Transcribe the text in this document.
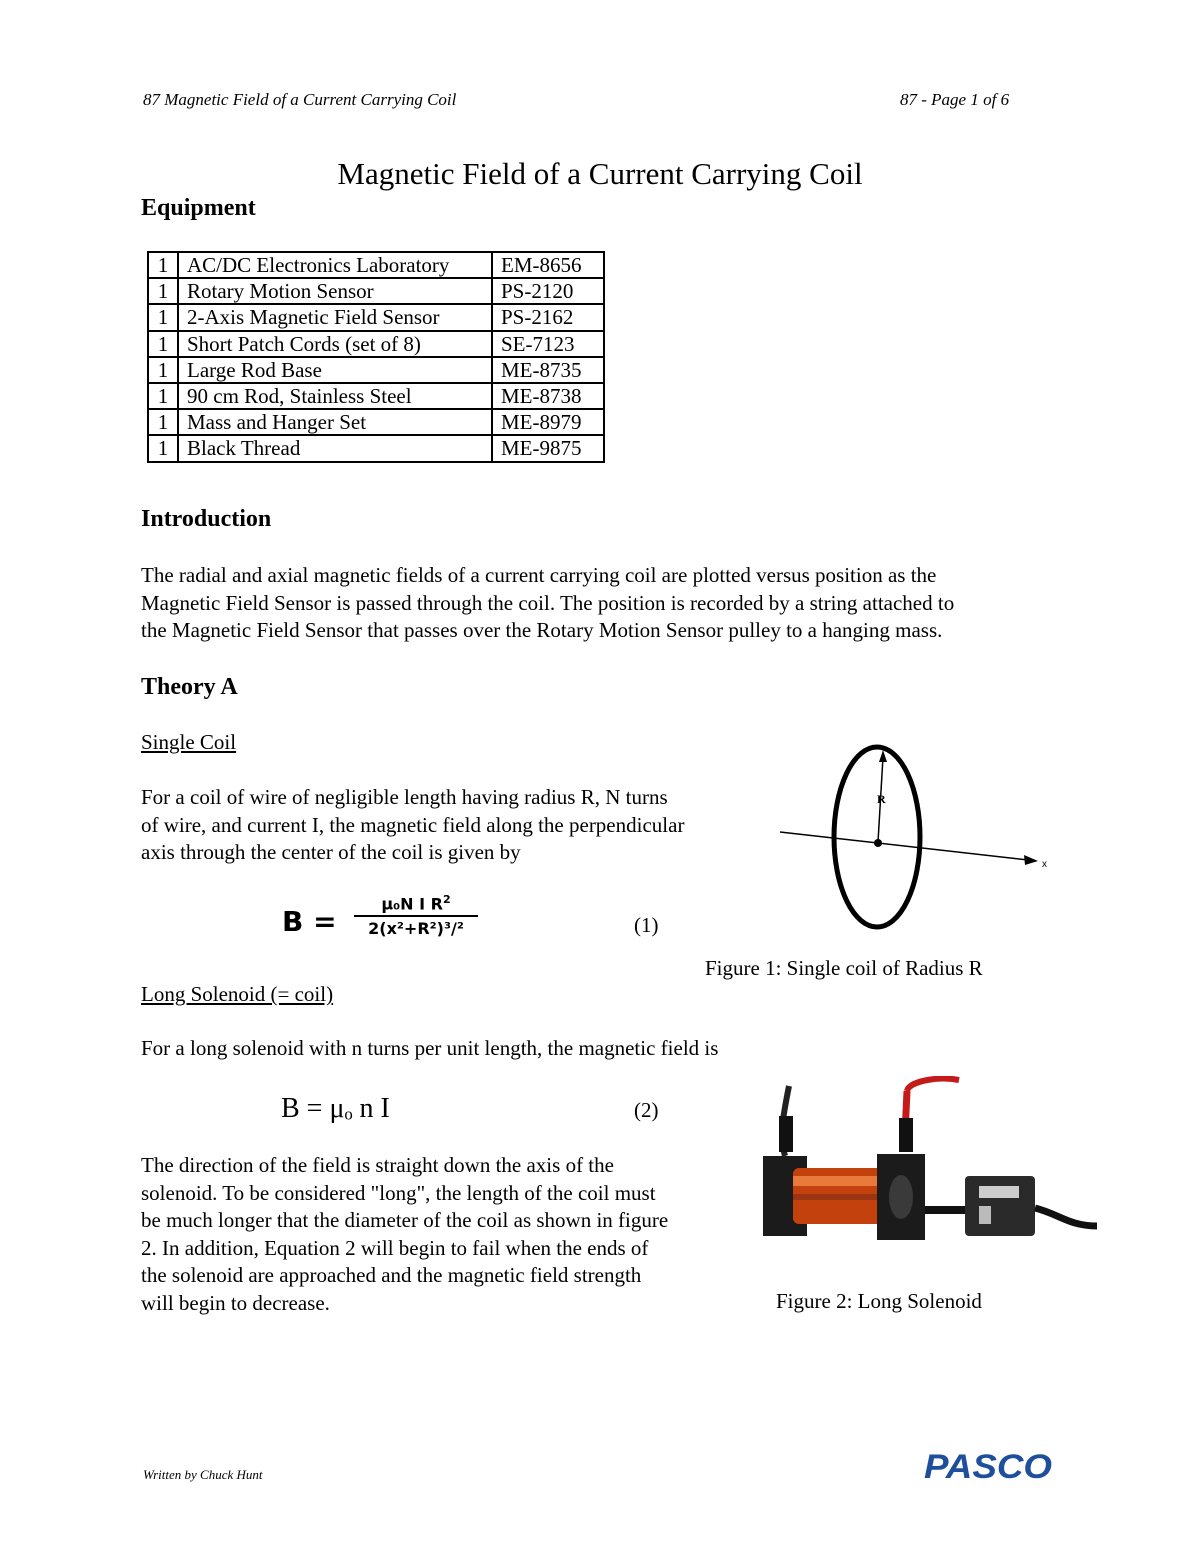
87 Magnetic Field of a Current Carrying Coil	87 - Page 1 of 6
Magnetic Field of a Current Carrying Coil
Equipment
1	AC/DC Electronics Laboratory	EM-8656
1	Rotary Motion Sensor	PS-2120
1	2-Axis Magnetic Field Sensor	PS-2162
1	Short Patch Cords (set of 8)	SE-7123
1	Large Rod Base	ME-8735
1	90 cm Rod, Stainless Steel	ME-8738
1	Mass and Hanger Set	ME-8979
1	Black Thread	ME-9875
Introduction
The radial and axial magnetic fields of a current carrying coil are plotted versus position as the
Magnetic Field Sensor is passed through the coil. The position is recorded by a string attached to
the Magnetic Field Sensor that passes over the Rotary Motion Sensor pulley to a hanging mass.
Theory A
Single Coil
For a coil of wire of negligible length having radius R, N turns
of wire, and current I, the magnetic field along the perpendicular
axis through the center of the coil is given by
$B = \frac{\mu_0N I R^2}{\text{2(x²+R²)³/²}}$	(1)
R
x
Figure 1: Single coil of Radius R
Long Solenoid (= coil)
For a long solenoid with n turns per unit length, the magnetic field is
B = μₒ n I	(2)
The direction of the field is straight down the axis of the
solenoid. To be considered "long", the length of the coil must
be much longer that the diameter of the coil as shown in figure
2. In addition, Equation 2 will begin to fail when the ends of
the solenoid are approached and the magnetic field strength
will begin to decrease.	Figure 2: Long Solenoid
Written by Chuck Hunt	PASCO
